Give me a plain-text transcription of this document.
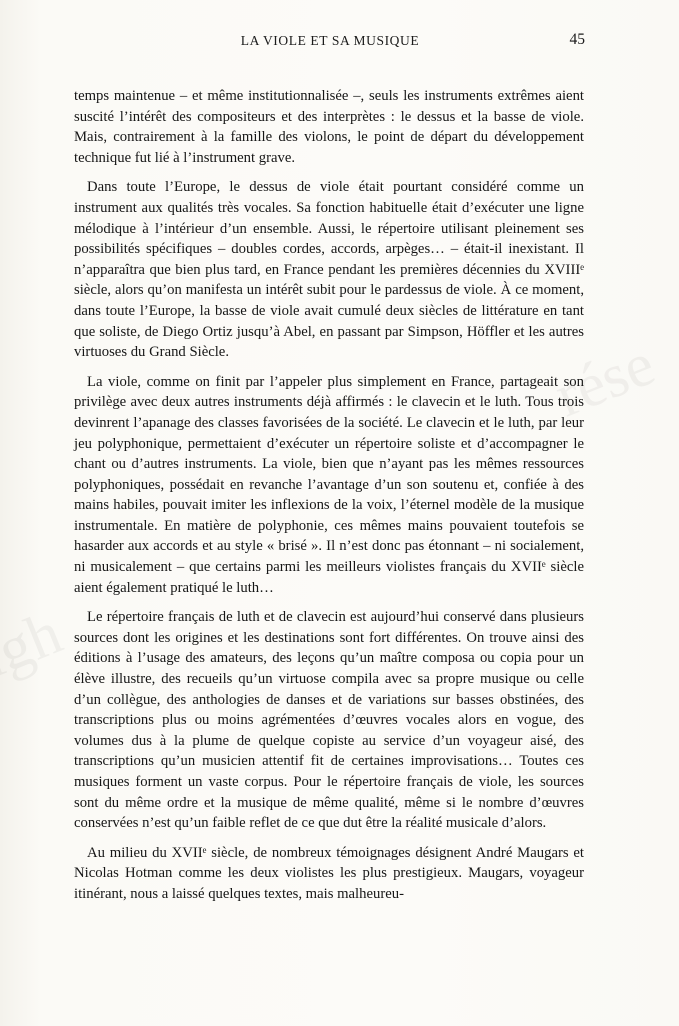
LA VIOLE ET SA MUSIQUE	45

temps maintenue – et même institutionnalisée –, seuls les instruments extrêmes aient suscité l’intérêt des compositeurs et des interprètes : le dessus et la basse de viole. Mais, contrairement à la famille des violons, le point de départ du développement technique fut lié à l’instrument grave.

Dans toute l’Europe, le dessus de viole était pourtant considéré comme un instrument aux qualités très vocales. Sa fonction habituelle était d’exécuter une ligne mélodique à l’intérieur d’un ensemble. Aussi, le répertoire utilisant pleinement ses possibilités spécifiques – doubles cordes, accords, arpèges… – était-il inexistant. Il n’apparaîtra que bien plus tard, en France pendant les premières décennies du XVIIIᵉ siècle, alors qu’on manifesta un intérêt subit pour le pardessus de viole. À ce moment, dans toute l’Europe, la basse de viole avait cumulé deux siècles de littérature en tant que soliste, de Diego Ortiz jusqu’à Abel, en passant par Simpson, Höffler et les autres virtuoses du Grand Siècle.

La viole, comme on finit par l’appeler plus simplement en France, partageait son privilège avec deux autres instruments déjà affirmés : le clavecin et le luth. Tous trois devinrent l’apanage des classes favorisées de la société. Le clavecin et le luth, par leur jeu polyphonique, permettaient d’exécuter un répertoire soliste et d’accompagner le chant ou d’autres instruments. La viole, bien que n’ayant pas les mêmes ressources polyphoniques, possédait en revanche l’avantage d’un son soutenu et, confiée à des mains habiles, pouvait imiter les inflexions de la voix, l’éternel modèle de la musique instrumentale. En matière de polyphonie, ces mêmes mains pouvaient toutefois se hasarder aux accords et au style « brisé ». Il n’est donc pas étonnant – ni socialement, ni musicalement – que certains parmi les meilleurs violistes français du XVIIᵉ siècle aient également pratiqué le luth…

Le répertoire français de luth et de clavecin est aujourd’hui conservé dans plusieurs sources dont les origines et les destinations sont fort différentes. On trouve ainsi des éditions à l’usage des amateurs, des leçons qu’un maître composa ou copia pour un élève illustre, des recueils qu’un virtuose compila avec sa propre musique ou celle d’un collègue, des anthologies de danses et de variations sur basses obstinées, des transcriptions plus ou moins agrémentées d’œuvres vocales alors en vogue, des volumes dus à la plume de quelque copiste au service d’un voyageur aisé, des transcriptions qu’un musicien attentif fit de certaines improvisations… Toutes ces musiques forment un vaste corpus. Pour le répertoire français de viole, les sources sont du même ordre et la musique de même qualité, même si le nombre d’œuvres conservées n’est qu’un faible reflet de ce que dut être la réalité musicale d’alors.

Au milieu du XVIIᵉ siècle, de nombreux témoignages désignent André Maugars et Nicolas Hotman comme les deux violistes les plus prestigieux. Maugars, voyageur itinérant, nous a laissé quelques textes, mais malheureu-
